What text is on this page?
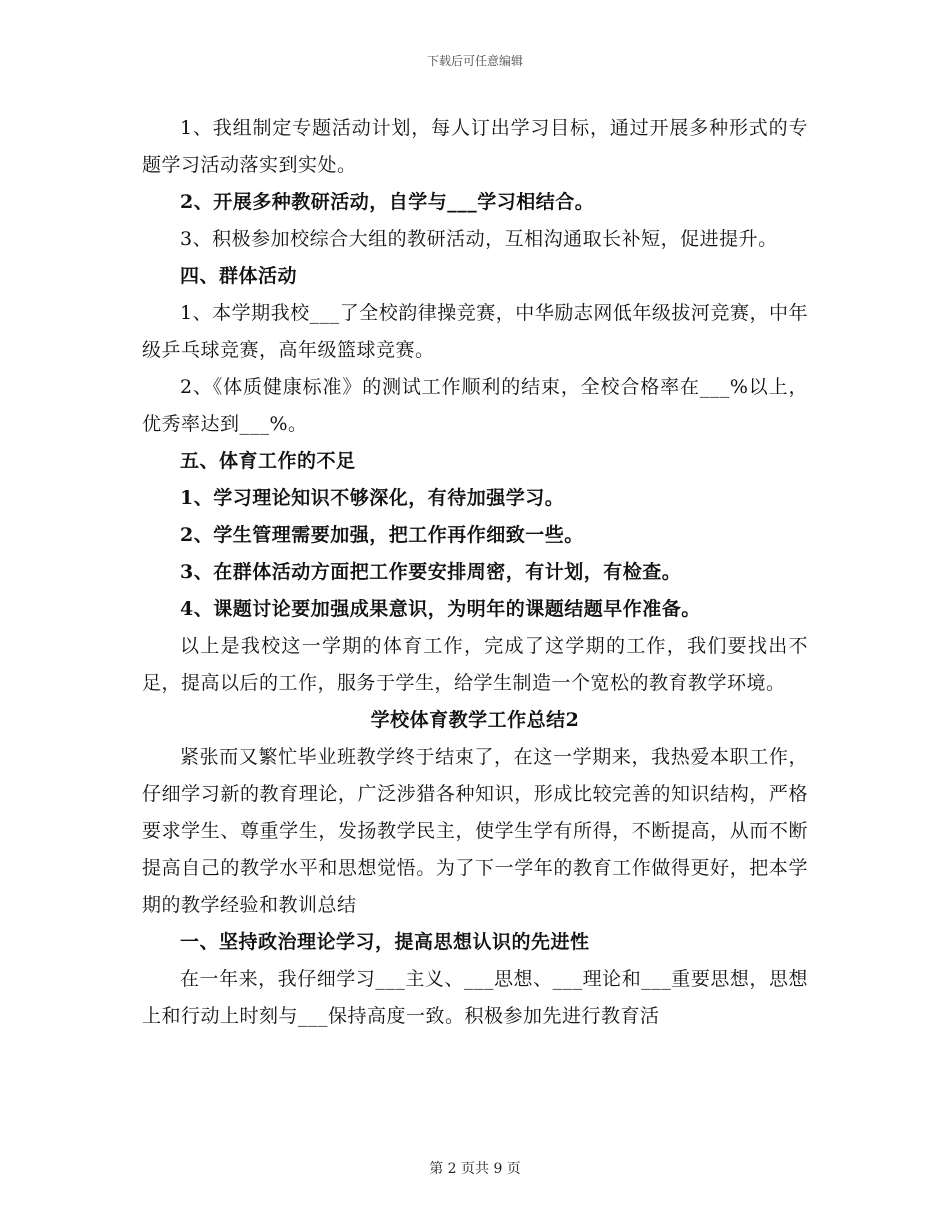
下载后可任意编辑

1、我组制定专题活动计划，每人订出学习目标，通过开展多种形式的专题学习活动落实到实处。

2、开展多种教研活动，自学与___学习相结合。

3、积极参加校综合大组的教研活动，互相沟通取长补短，促进提升。

四、群体活动

1、本学期我校___了全校韵律操竞赛，中华励志网低年级拔河竞赛，中年级乒乓球竞赛，高年级篮球竞赛。

2、《体质健康标准》的测试工作顺利的结束，全校合格率在___%以上，优秀率达到___%。

五、体育工作的不足

1、学习理论知识不够深化，有待加强学习。

2、学生管理需要加强，把工作再作细致一些。

3、在群体活动方面把工作要安排周密，有计划，有检查。

4、课题讨论要加强成果意识，为明年的课题结题早作准备。

以上是我校这一学期的体育工作，完成了这学期的工作，我们要找出不足，提高以后的工作，服务于学生，给学生制造一个宽松的教育教学环境。

学校体育教学工作总结2

紧张而又繁忙毕业班教学终于结束了，在这一学期来，我热爱本职工作，仔细学习新的教育理论，广泛涉猎各种知识，形成比较完善的知识结构，严格要求学生、尊重学生，发扬教学民主，使学生学有所得，不断提高，从而不断提高自己的教学水平和思想觉悟。为了下一学年的教育工作做得更好，把本学期的教学经验和教训总结

一、坚持政治理论学习，提高思想认识的先进性

在一年来，我仔细学习___主义、___思想、___理论和___重要思想，思想上和行动上时刻与___保持高度一致。积极参加先进行教育活

第 2 页共 9 页
